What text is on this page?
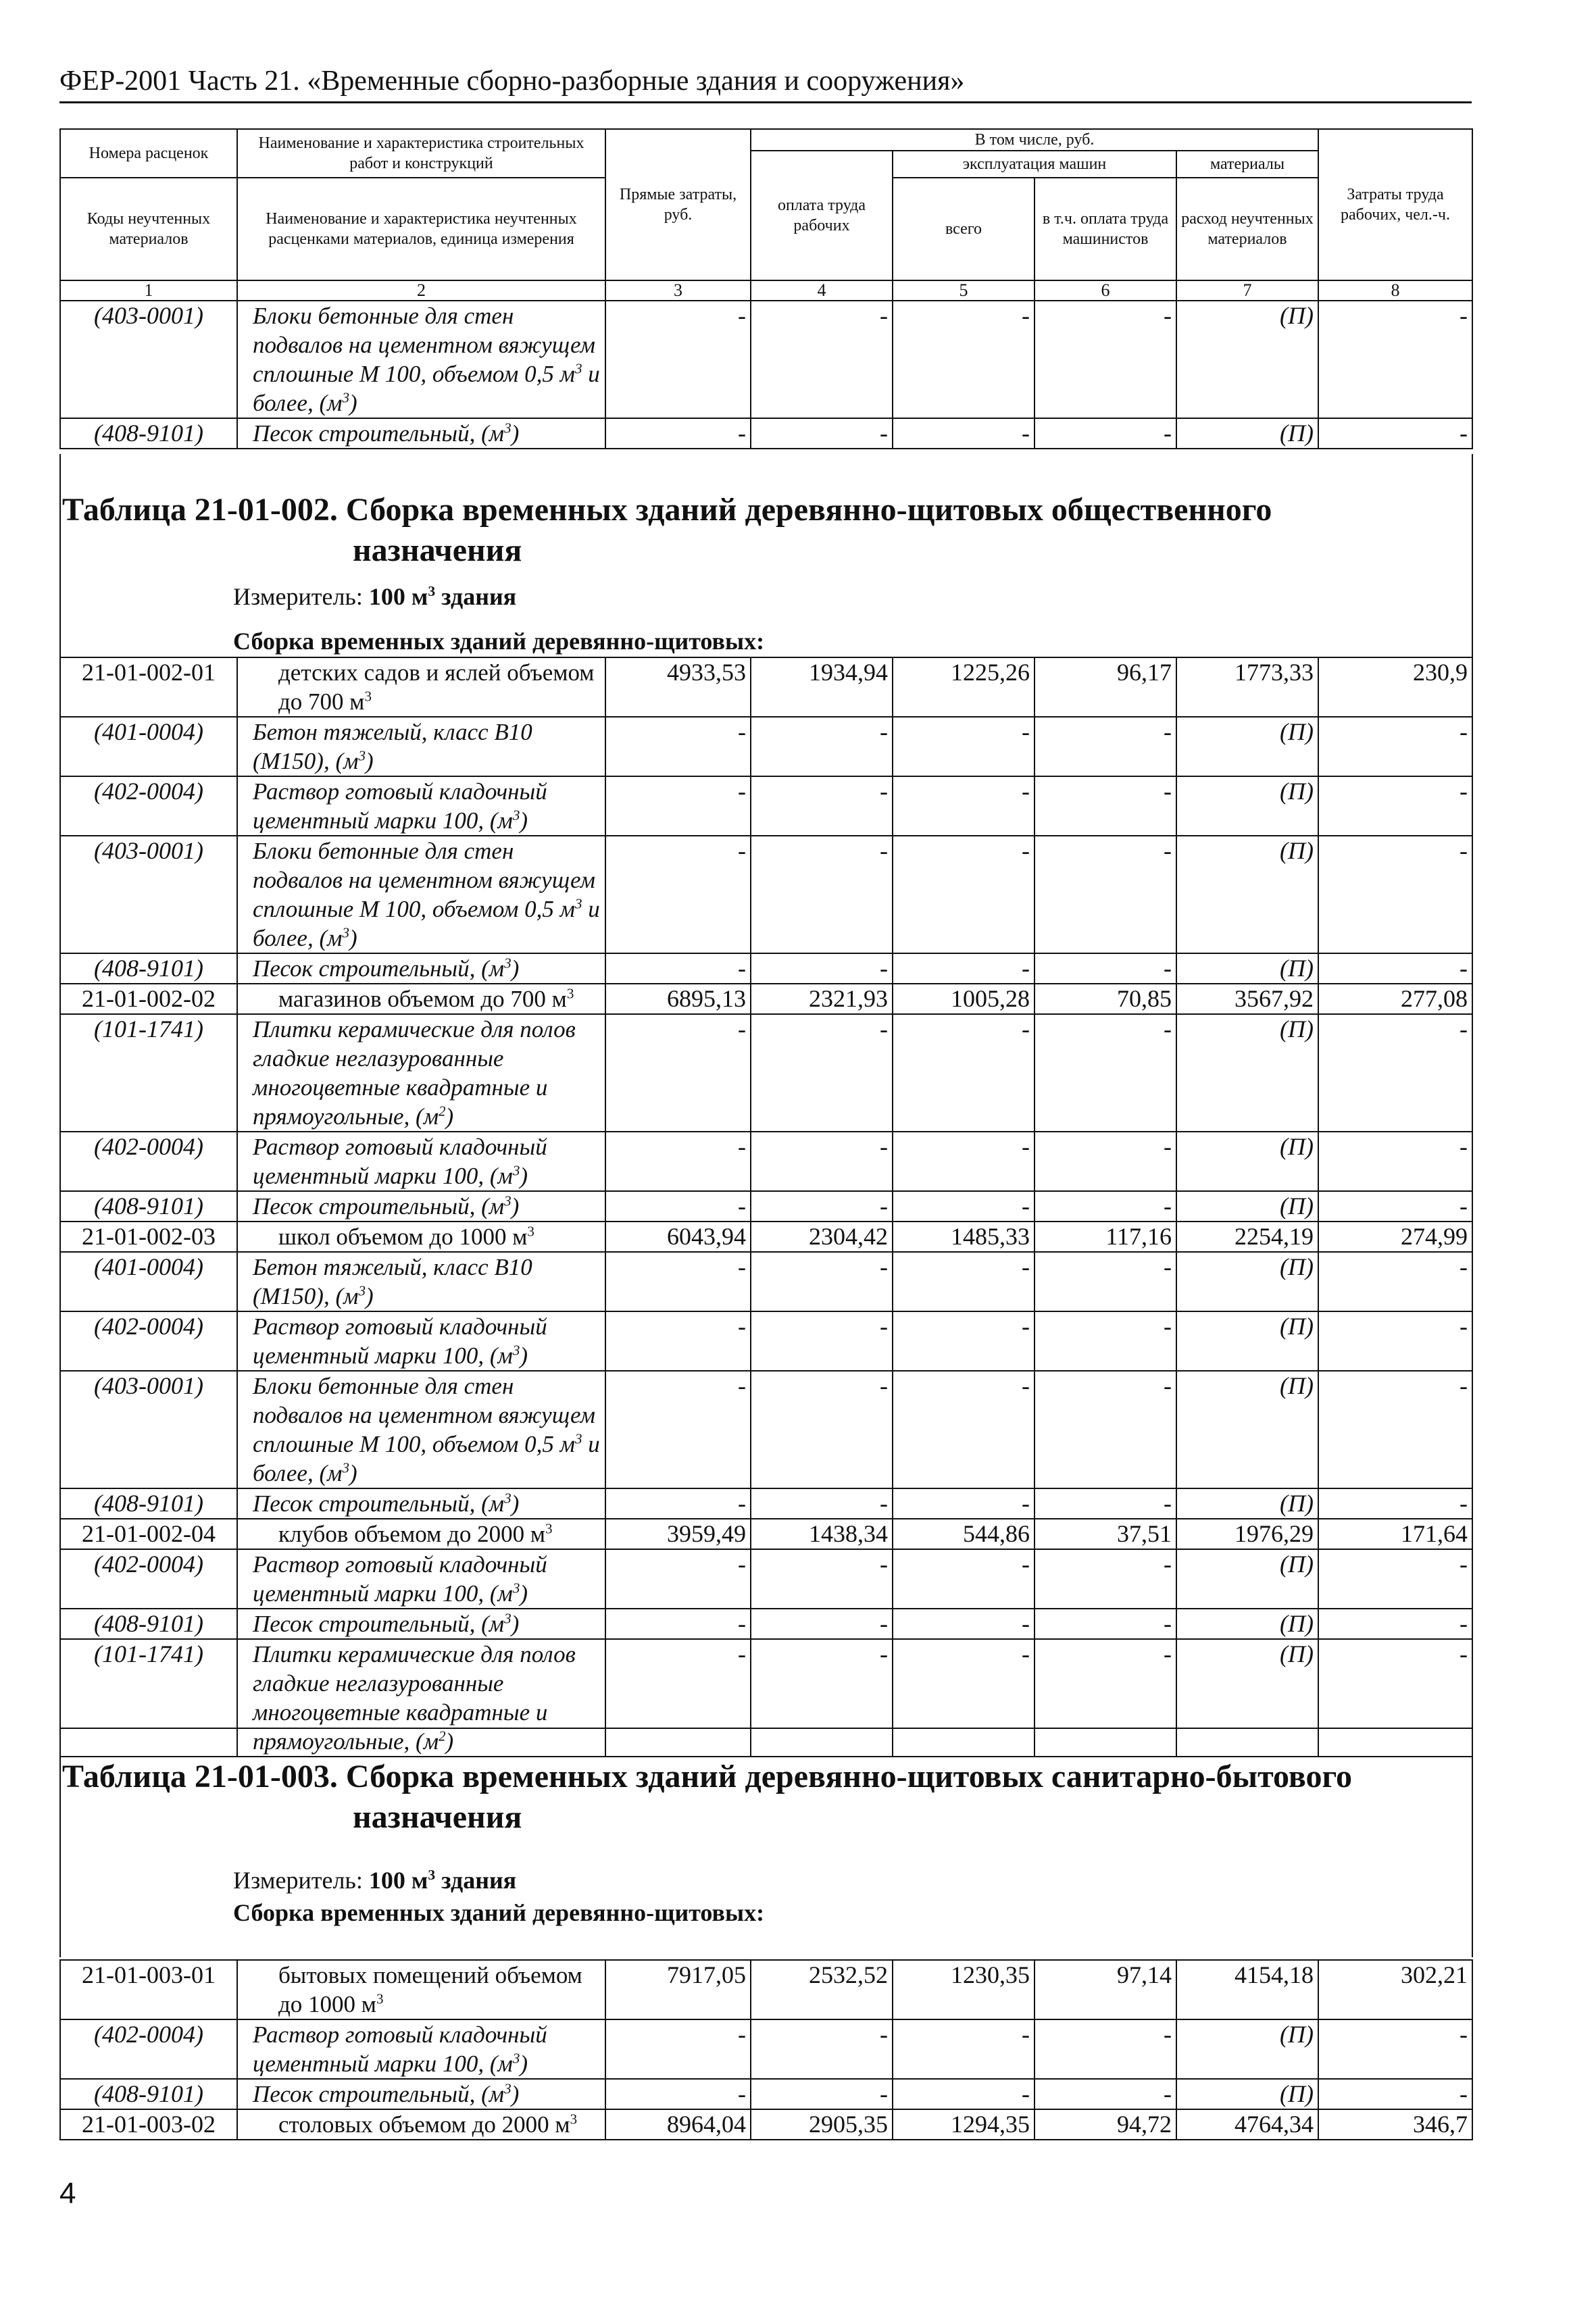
ФЕР-2001 Часть 21. «Временные сборно-разборные здания и сооружения»
Номера расценок	Наименование и характеристика строительных работ и конструкций	Прямые затраты, руб.	В том числе, руб.				Затраты труда рабочих, чел.-ч.
			оплата труда рабочих	эксплуатация машин		материалы	
Коды неучтенных материалов	Наименование и характеристика неучтенных расценками материалов, единица измерения			всего	в т.ч. оплата труда машинистов	расход неучтенных материалов	

1	2	3	4	5	6	7	8
(403-0001)	Блоки бетонные для стен подвалов на цементном вяжущем сплошные М 100, объемом 0,5 $м^3$ и более, $(м^3)$	-	-	-	-	(П)	-
(408-9101)	Песок строительный, $(м^3)$	-	-	-	-	(П)	-
Таблица 21-01-002. Сборка временных зданий деревянно-щитовых общественного
назначения
Измеритель: 100 $м^3$ здания
Сборка временных зданий деревянно-щитовых:
21-01-002-01	детских садов и яслей объемом до 700 $м^3$	4933,53	1934,94	1225,26	96,17	1773,33	230,9
(401-0004)	Бетон тяжелый, класс В10 (М150), $(м^3)$	-	-	-	-	(П)	-
(402-0004)	Раствор готовый кладочный цементный марки 100, $(м^3)$	-	-	-	-	(П)	-
(403-0001)	Блоки бетонные для стен подвалов на цементном вяжущем сплошные М 100, объемом 0,5 $м^3$ и более, $(м^3)$	-	-	-	-	(П)	-
(408-9101)	Песок строительный, $(м^3)$	-	-	-	-	(П)	-
21-01-002-02	магазинов объемом до 700 $м^3$	6895,13	2321,93	1005,28	70,85	3567,92	277,08
(101-1741)	Плитки керамические для полов гладкие неглазурованные многоцветные квадратные и прямоугольные, $(м^2)$	-	-	-	-	(П)	-
(402-0004)	Раствор готовый кладочный цементный марки 100, $(м^3)$	-	-	-	-	(П)	-
(408-9101)	Песок строительный, $(м^3)$	-	-	-	-	(П)	-
21-01-002-03	школ объемом до 1000 $м^3$	6043,94	2304,42	1485,33	117,16	2254,19	274,99
(401-0004)	Бетон тяжелый, класс В10 (М150), $(м^3)$	-	-	-	-	(П)	-
(402-0004)	Раствор готовый кладочный цементный марки 100, $(м^3)$	-	-	-	-	(П)	-
(403-0001)	Блоки бетонные для стен подвалов на цементном вяжущем сплошные М 100, объемом 0,5 $м^3$ и более, $(м^3)$	-	-	-	-	(П)	-
(408-9101)	Песок строительный, $(м^3)$	-	-	-	-	(П)	-
21-01-002-04	клубов объемом до 2000 $м^3$	3959,49	1438,34	544,86	37,51	1976,29	171,64
(402-0004)	Раствор готовый кладочный цементный марки 100, $(м^3)$	-	-	-	-	(П)	-
(408-9101)	Песок строительный, $(м^3)$	-	-	-	-	(П)	-
(101-1741)	Плитки керамические для полов гладкие неглазурованные многоцветные квадратные и прямоугольные, $(м^2)$	-	-	-	-	(П)	-
Таблица 21-01-003. Сборка временных зданий деревянно-щитовых санитарно-бытового
назначения
Измеритель: 100 $м^3$ здания
Сборка временных зданий деревянно-щитовых:
21-01-003-01	бытовых помещений объемом до 1000 $м^3$	7917,05	2532,52	1230,35	97,14	4154,18	302,21
(402-0004)	Раствор готовый кладочный цементный марки 100, $(м^3)$	-	-	-	-	(П)	-
(408-9101)	Песок строительный, $(м^3)$	-	-	-	-	(П)	-
21-01-003-02	столовых объемом до 2000 $м^3$	8964,04	2905,35	1294,35	94,72	4764,34	346,7
4
